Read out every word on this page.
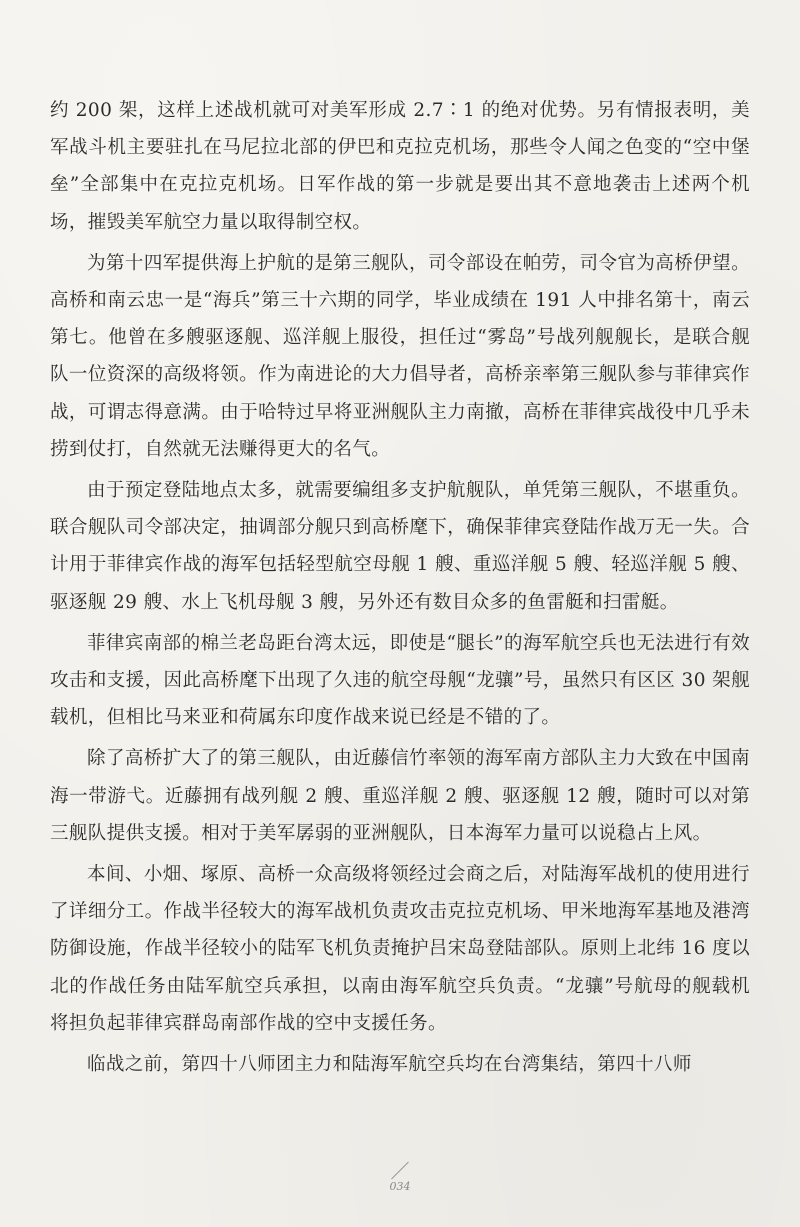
约 200 架，这样上述战机就可对美军形成 2.7∶1 的绝对优势。另有情报表明，美军战斗机主要驻扎在马尼拉北部的伊巴和克拉克机场，那些令人闻之色变的“空中堡垒”全部集中在克拉克机场。日军作战的第一步就是要出其不意地袭击上述两个机场，摧毁美军航空力量以取得制空权。

为第十四军提供海上护航的是第三舰队，司令部设在帕劳，司令官为高桥伊望。高桥和南云忠一是“海兵”第三十六期的同学，毕业成绩在 191 人中排名第十，南云第七。他曾在多艘驱逐舰、巡洋舰上服役，担任过“雾岛”号战列舰舰长，是联合舰队一位资深的高级将领。作为南进论的大力倡导者，高桥亲率第三舰队参与菲律宾作战，可谓志得意满。由于哈特过早将亚洲舰队主力南撤，高桥在菲律宾战役中几乎未捞到仗打，自然就无法赚得更大的名气。

由于预定登陆地点太多，就需要编组多支护航舰队，单凭第三舰队，不堪重负。联合舰队司令部决定，抽调部分舰只到高桥麾下，确保菲律宾登陆作战万无一失。合计用于菲律宾作战的海军包括轻型航空母舰 1 艘、重巡洋舰 5 艘、轻巡洋舰 5 艘、驱逐舰 29 艘、水上飞机母舰 3 艘，另外还有数目众多的鱼雷艇和扫雷艇。

菲律宾南部的棉兰老岛距台湾太远，即使是“腿长”的海军航空兵也无法进行有效攻击和支援，因此高桥麾下出现了久违的航空母舰“龙骧”号，虽然只有区区 30 架舰载机，但相比马来亚和荷属东印度作战来说已经是不错的了。

除了高桥扩大了的第三舰队，由近藤信竹率领的海军南方部队主力大致在中国南海一带游弋。近藤拥有战列舰 2 艘、重巡洋舰 2 艘、驱逐舰 12 艘，随时可以对第三舰队提供支援。相对于美军孱弱的亚洲舰队，日本海军力量可以说稳占上风。

本间、小畑、塚原、高桥一众高级将领经过会商之后，对陆海军战机的使用进行了详细分工。作战半径较大的海军战机负责攻击克拉克机场、甲米地海军基地及港湾防御设施，作战半径较小的陆军飞机负责掩护吕宋岛登陆部队。原则上北纬 16 度以北的作战任务由陆军航空兵承担，以南由海军航空兵负责。“龙骧”号航母的舰载机将担负起菲律宾群岛南部作战的空中支援任务。

临战之前，第四十八师团主力和陆海军航空兵均在台湾集结，第四十八师

034
